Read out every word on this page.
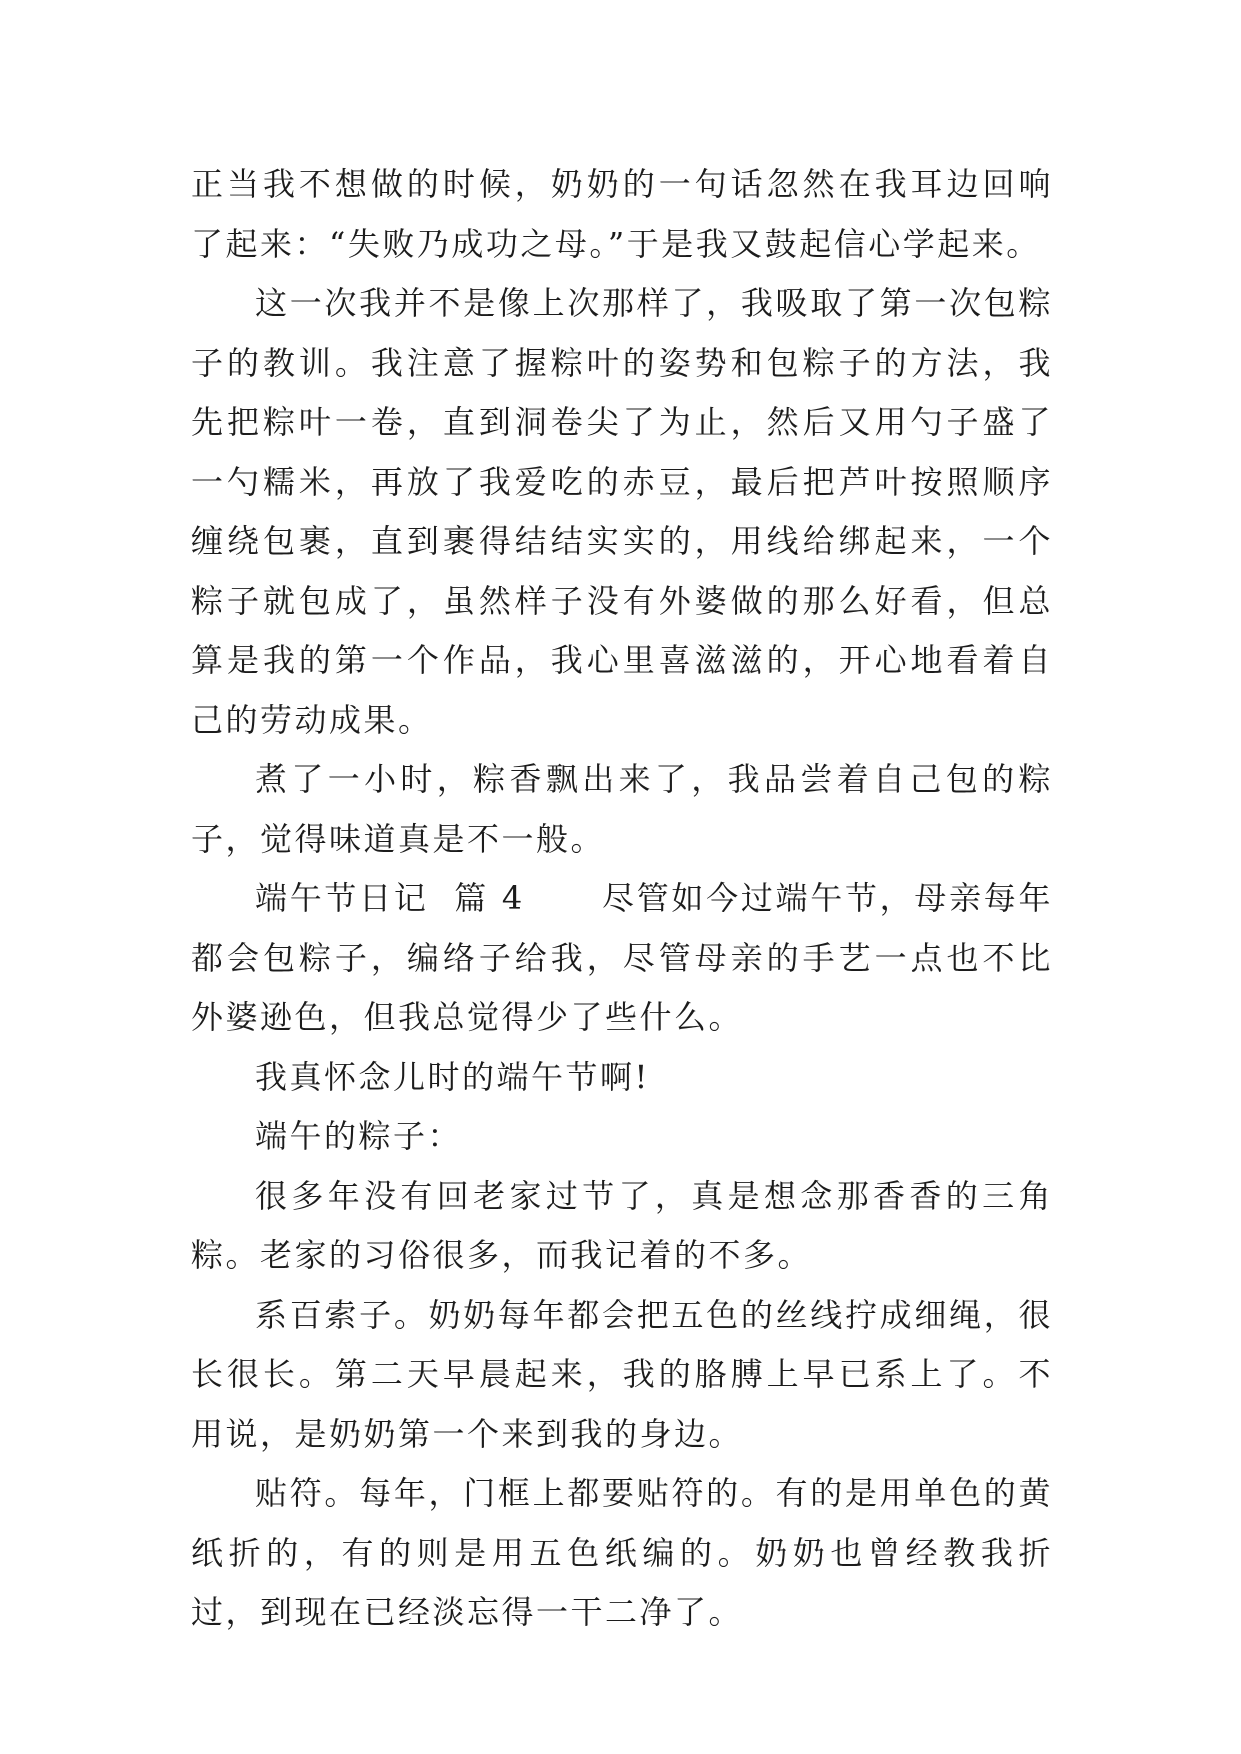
正当我不想做的时候，奶奶的一句话忽然在我耳边回响了起来：“失败乃成功之母。”于是我又鼓起信心学起来。

这一次我并不是像上次那样了，我吸取了第一次包粽子的教训。我注意了握粽叶的姿势和包粽子的方法，我先把粽叶一卷，直到洞卷尖了为止，然后又用勺子盛了一勺糯米，再放了我爱吃的赤豆，最后把芦叶按照顺序缠绕包裹，直到裹得结结实实的，用线给绑起来，一个粽子就包成了，虽然样子没有外婆做的那么好看，但总算是我的第一个作品，我心里喜滋滋的，开心地看着自己的劳动成果。

煮了一小时，粽香飘出来了，我品尝着自己包的粽子，觉得味道真是不一般。

端午节日记  篇 4      尽管如今过端午节，母亲每年都会包粽子，编络子给我，尽管母亲的手艺一点也不比外婆逊色，但我总觉得少了些什么。

我真怀念儿时的端午节啊!

端午的粽子：

很多年没有回老家过节了，真是想念那香香的三角粽。老家的习俗很多，而我记着的不多。

系百索子。奶奶每年都会把五色的丝线拧成细绳，很长很长。第二天早晨起来，我的胳膊上早已系上了。不用说，是奶奶第一个来到我的身边。

贴符。每年，门框上都要贴符的。有的是用单色的黄纸折的，有的则是用五色纸编的。奶奶也曾经教我折过，到现在已经淡忘得一干二净了。
